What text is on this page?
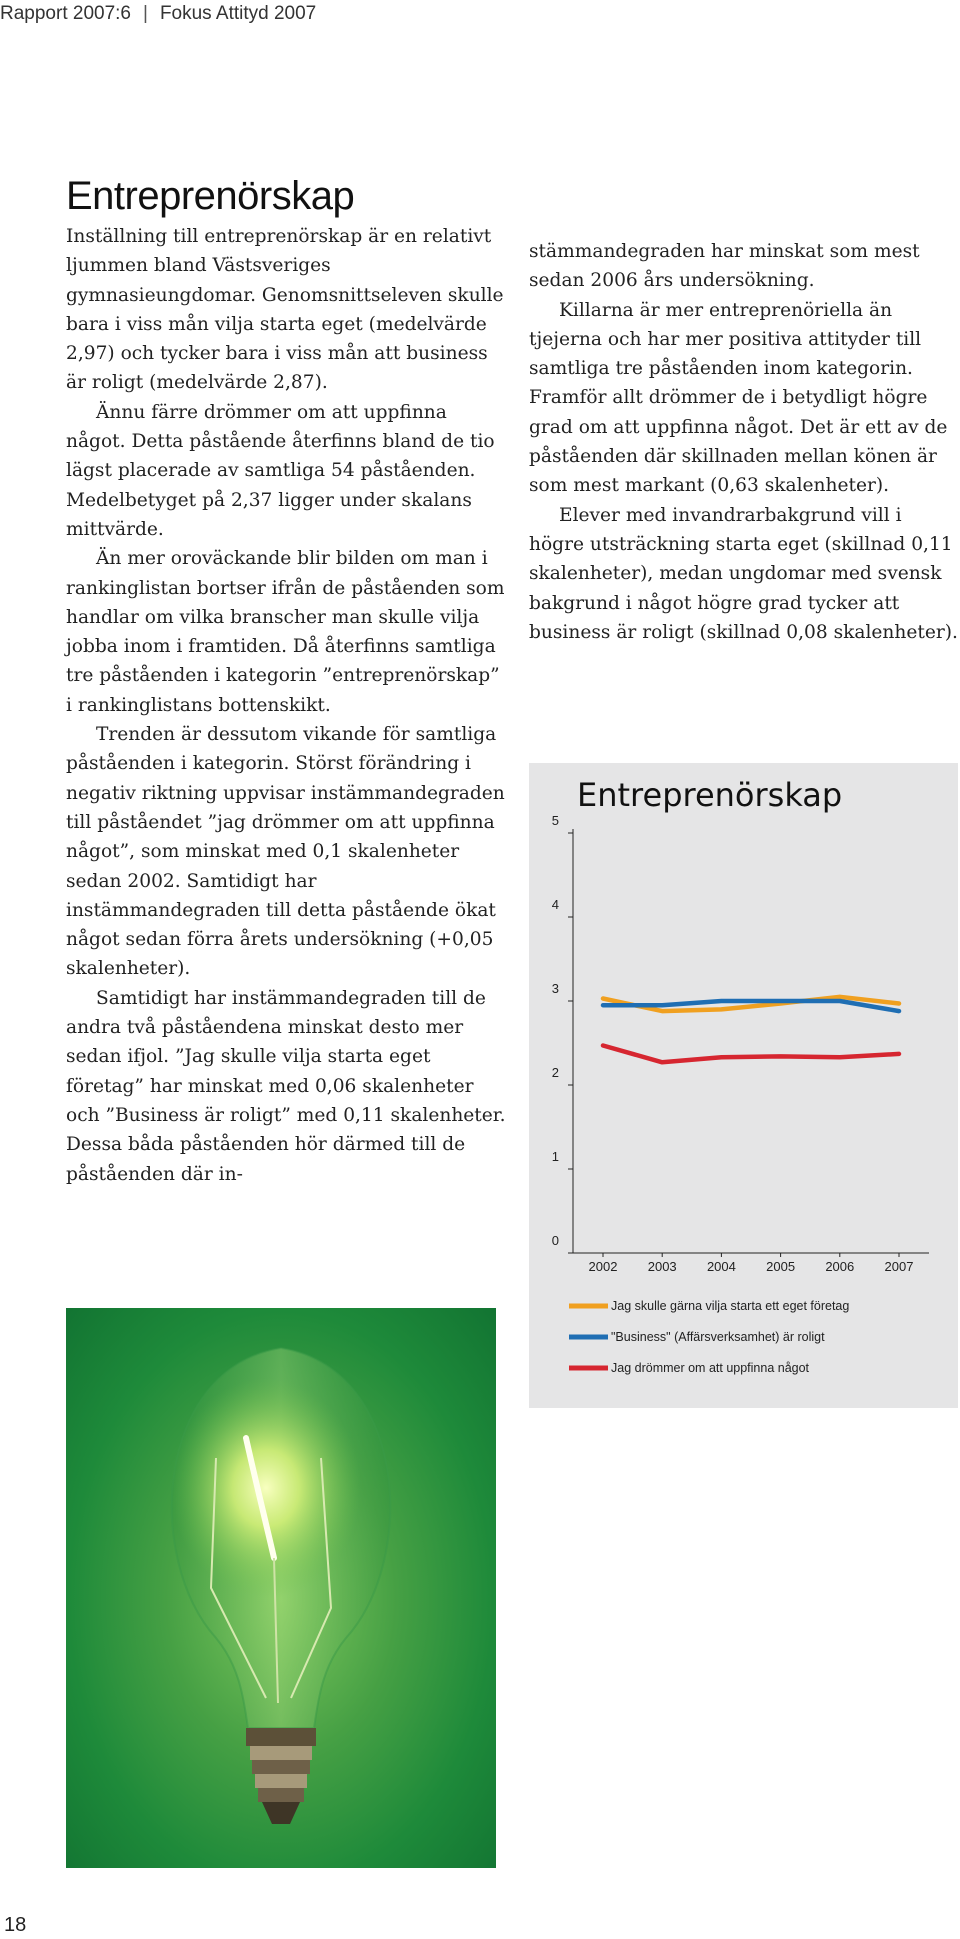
Rapport 2007:6 | Fokus Attityd 2007
Entreprenörskap

Inställning till entreprenörskap är en relativt ljummen bland Västsveriges gymnasieungdomar. Genomsnittseleven skulle bara i viss mån vilja starta eget (medelvärde 2,97) och tycker bara i viss mån att business är roligt (medelvärde 2,87).

Ännu färre drömmer om att uppfinna något. Detta påstående återfinns bland de tio lägst placerade av samtliga 54 påståenden. Medelbetyget på 2,37 ligger under skalans mittvärde.

Än mer oroväckande blir bilden om man i rankinglistan bortser ifrån de påståenden som handlar om vilka branscher man skulle vilja jobba inom i framtiden. Då återfinns samtliga tre påståenden i kategorin ”entreprenörskap” i rankinglistans bottenskikt.

Trenden är dessutom vikande för samtliga påståenden i kategorin. Störst förändring i negativ riktning uppvisar instämmandegraden till påståendet ”jag drömmer om att uppfinna något”, som minskat med 0,1 skalenheter sedan 2002. Samtidigt har instämmandegraden till detta påstående ökat något sedan förra årets undersökning (+0,05 skalenheter).

Samtidigt har instämmandegraden till de andra två påståendena minskat desto mer sedan ifjol. ”Jag skulle vilja starta eget företag” har minskat med 0,06 skalenheter och ”Business är roligt” med 0,11 skalenheter. Dessa båda påståenden hör därmed till de påståenden där in-

stämmandegraden har minskat som mest sedan 2006 års undersökning.

Killarna är mer entreprenöriella än tjejerna och har mer positiva attityder till samtliga tre påståenden inom kategorin. Framför allt drömmer de i betydligt högre grad om att uppfinna något. Det är ett av de påståenden där skillnaden mellan könen är som mest markant (0,63 skalenheter).

Elever med invandrarbakgrund vill i högre utsträckning starta eget (skillnad 0,11 skalenheter), medan ungdomar med svensk bakgrund i något högre grad tycker att business är roligt (skillnad 0,08 skalenheter).

Entreprenörskap
0
1
2
3
4
5
2002 2003 2004 2005 2006 2007
Jag skulle gärna vilja starta ett eget företag
"Business" (Affärsverksamhet) är roligt
Jag drömmer om att uppfinna något
18
